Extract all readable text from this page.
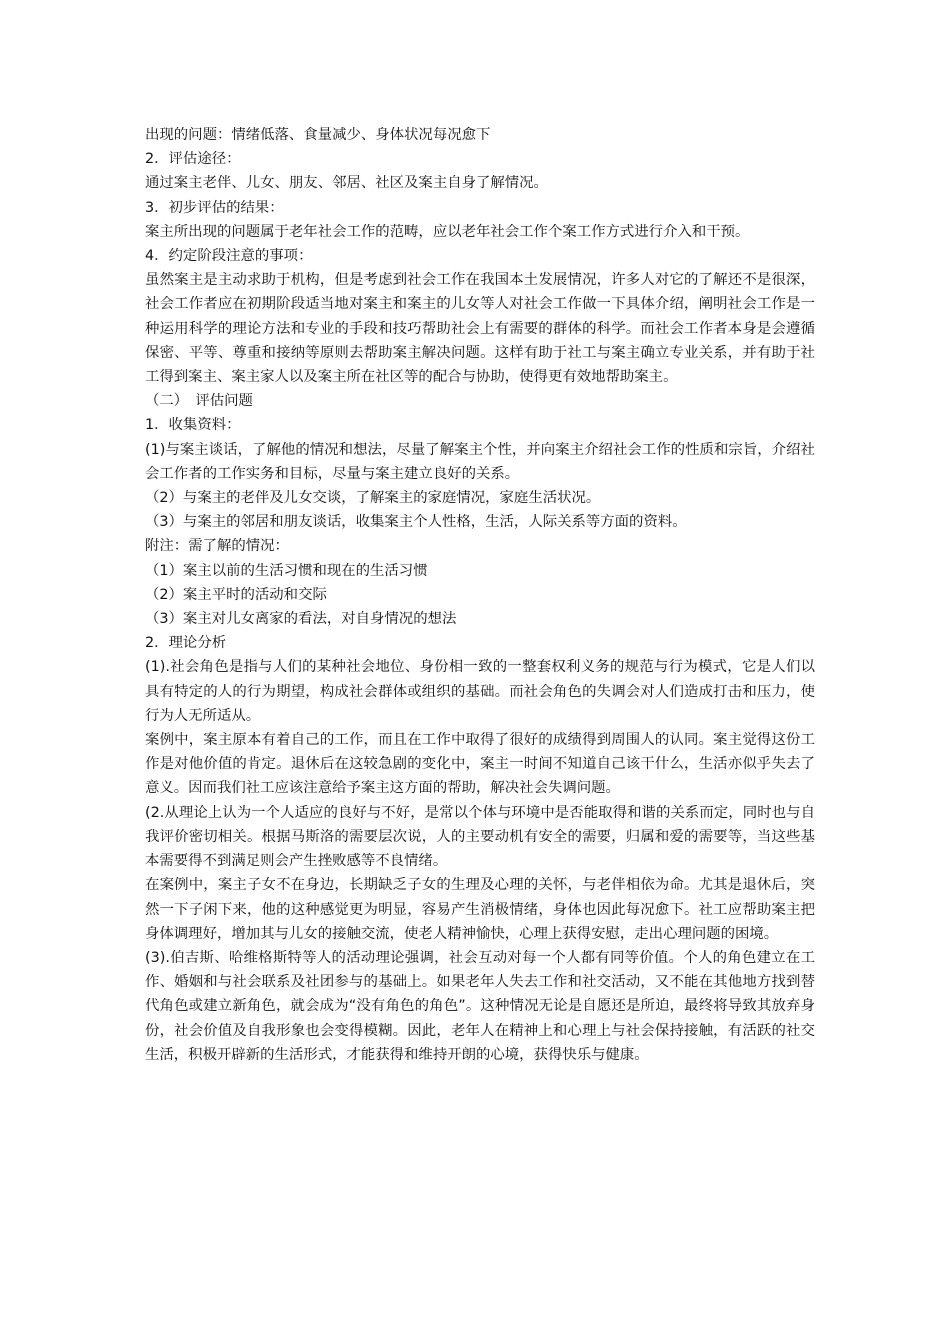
出现的问题：情绪低落、食量减少、身体状况每况愈下

2．评估途径：

通过案主老伴、儿女、朋友、邻居、社区及案主自身了解情况。

3．初步评估的结果：

案主所出现的问题属于老年社会工作的范畴，应以老年社会工作个案工作方式进行介入和干预。

4．约定阶段注意的事项：

虽然案主是主动求助于机构，但是考虑到社会工作在我国本土发展情况，许多人对它的了解还不是很深，社会工作者应在初期阶段适当地对案主和案主的儿女等人对社会工作做一下具体介绍，阐明社会工作是一种运用科学的理论方法和专业的手段和技巧帮助社会上有需要的群体的科学。而社会工作者本身是会遵循保密、平等、尊重和接纳等原则去帮助案主解决问题。这样有助于社工与案主确立专业关系，并有助于社工得到案主、案主家人以及案主所在社区等的配合与协助，使得更有效地帮助案主。

（二）　评估问题

1．收集资料：

(1)与案主谈话，了解他的情况和想法，尽量了解案主个性，并向案主介绍社会工作的性质和宗旨，介绍社会工作者的工作实务和目标，尽量与案主建立良好的关系。

（2）与案主的老伴及儿女交谈，了解案主的家庭情况，家庭生活状况。

（3）与案主的邻居和朋友谈话，收集案主个人性格，生活，人际关系等方面的资料。

附注：需了解的情况：

（1）案主以前的生活习惯和现在的生活习惯

（2）案主平时的活动和交际

（3）案主对儿女离家的看法，对自身情况的想法

2．理论分析

(1).社会角色是指与人们的某种社会地位、身份相一致的一整套权利义务的规范与行为模式，它是人们以具有特定的人的行为期望，构成社会群体或组织的基础。而社会角色的失调会对人们造成打击和压力，使行为人无所适从。

案例中，案主原本有着自己的工作，而且在工作中取得了很好的成绩得到周围人的认同。案主觉得这份工作是对他价值的肯定。退休后在这较急剧的变化中，案主一时间不知道自己该干什么，生活亦似乎失去了意义。因而我们社工应该注意给予案主这方面的帮助，解决社会失调问题。

(2.从理论上认为一个人适应的良好与不好，是常以个体与环境中是否能取得和谐的关系而定，同时也与自我评价密切相关。根据马斯洛的需要层次说，人的主要动机有安全的需要，归属和爱的需要等，当这些基本需要得不到满足则会产生挫败感等不良情绪。

在案例中，案主子女不在身边，长期缺乏子女的生理及心理的关怀，与老伴相依为命。尤其是退休后，突然一下子闲下来，他的这种感觉更为明显，容易产生消极情绪，身体也因此每况愈下。社工应帮助案主把身体调理好，增加其与儿女的接触交流，使老人精神愉快，心理上获得安慰，走出心理问题的困境。

(3).伯吉斯、哈维格斯特等人的活动理论强调，社会互动对每一个人都有同等价值。个人的角色建立在工作、婚姻和与社会联系及社团参与的基础上。如果老年人失去工作和社交活动，又不能在其他地方找到替代角色或建立新角色，就会成为“没有角色的角色”。这种情况无论是自愿还是所迫，最终将导致其放弃身份，社会价值及自我形象也会变得模糊。因此，老年人在精神上和心理上与社会保持接触，有活跃的社交生活，积极开辟新的生活形式，才能获得和维持开朗的心境，获得快乐与健康。
